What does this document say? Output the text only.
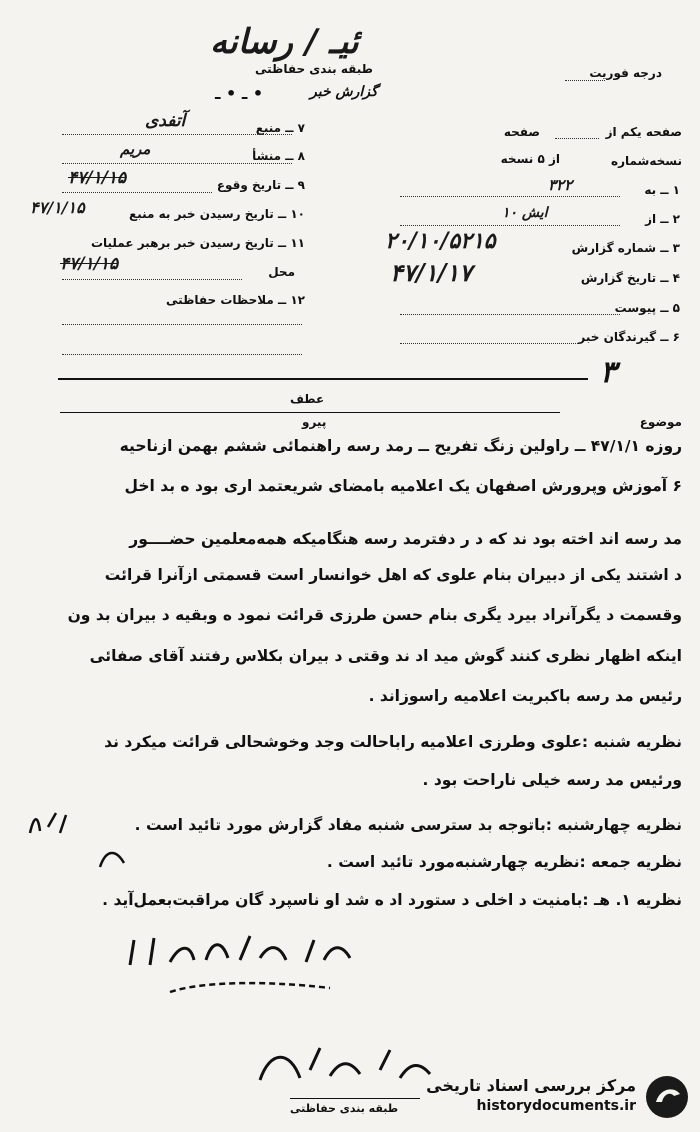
ئیـ / رسانه
طبقه بندی حفاظتی
گزارش خبر
ـ • ـ •
درجه فوریت
۷ ــ منبع
آتفدی
۸ ــ منشأ
مریم
۹ ــ تاریخ وقوع
۴۷/۱/۱۵
۱۰ ــ تاریخ رسیدن خبر به منبع
۴۷/۱/۱۵
۱۱ ــ تاریخ رسیدن خبر برهبر عملیات
محل
۴۷/۱/۱۵
۱۲ ــ ملاحظات حفاظتی
صفحه یکم از
صفحه
نسخه‌شماره
از ۵ نسخه
۱ ــ به
۳۲۲
۲ ــ از
۱۰ ایش
۳ ــ شماره گزارش
۲۰/۱۰/۵۲۱۵
۴ ــ تاریخ گزارش
۴۷/۱/۱۷
۵ ــ پیوست
۶ ــ گیرندگان خبر
۳
عطف
پیرو	موضوع
روزه ۴۷/۱/۱ ــ راولین زنگ تفریح ــ رمد رسه راهنمائی ششم بهمن ازناحیه
۶ آموزش وپرورش اصفهان یک اعلامیه بامضای شریعتمد اری بود ه بد اخل
مد رسه اند اخته بود ند که د ر دفترمد رسه هنگامیکه همه‌معلمین حضــــور
د اشتند یکی از دبیران بنام علوی که اهل خوانسار است قسمتی ازآنرا قرائت
وقسمت د یگرآنراد بیرد یگری بنام حسن طرزی قرائت نمود ه وبقیه د بیران بد ون
اینکه اظهار نظری کنند گوش مید اد ند وقتی د بیران بکلاس رفتند آقای صفائی
رئیس مد رسه باکبریت اعلامیه راسوزاند .
نظریه شنبه :علوی وطرزی اعلامیه راباحالت وجد وخوشحالی قرائت میکرد ند
ورئیس مد رسه خیلی ناراحت بود .
نظریه چهارشنبه :باتوجه بد سترسی شنبه مفاد گزارش مورد تائید است .
نظریه جمعه :نظریه چهارشنبه‌مورد تائید است .
نظریه ۱. هـ :بامنیت د اخلی د ستورد اد ه شد او ناسپرد گان مراقبت‌بعمل‌آید .
طبقه بندی حفاظتی
مرکز بررسی اسناد تاریخی
historydocuments.ir
